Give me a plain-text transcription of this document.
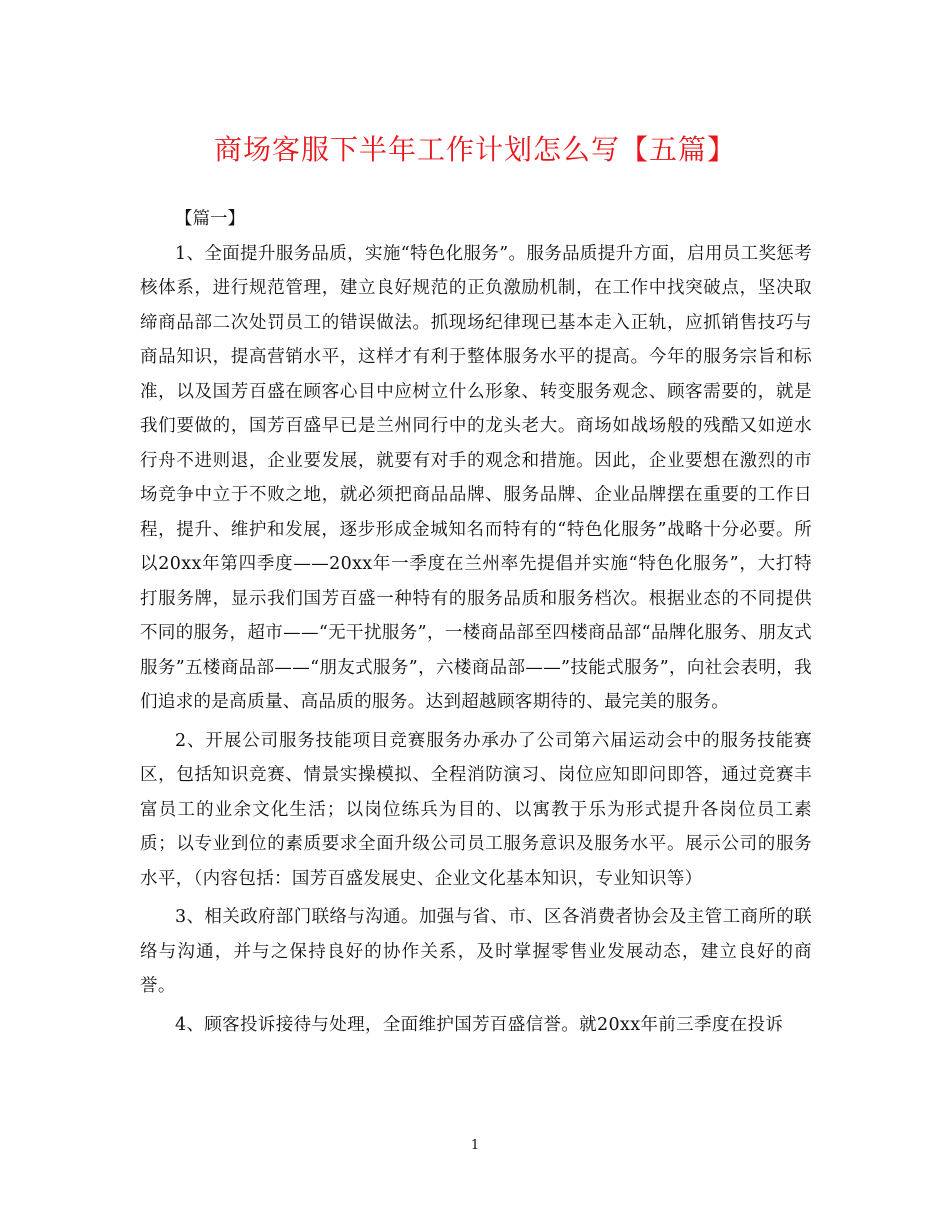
商场客服下半年工作计划怎么写【五篇】

【篇一】

1、全面提升服务品质，实施“特色化服务”。服务品质提升方面，启用员工奖惩考核体系，进行规范管理，建立良好规范的正负激励机制，在工作中找突破点，坚决取缔商品部二次处罚员工的错误做法。抓现场纪律现已基本走入正轨，应抓销售技巧与商品知识，提高营销水平，这样才有利于整体服务水平的提高。今年的服务宗旨和标准，以及国芳百盛在顾客心目中应树立什么形象、转变服务观念、顾客需要的，就是我们要做的，国芳百盛早已是兰州同行中的龙头老大。商场如战场般的残酷又如逆水行舟不进则退，企业要发展，就要有对手的观念和措施。因此，企业要想在激烈的市场竞争中立于不败之地，就必须把商品品牌、服务品牌、企业品牌摆在重要的工作日程，提升、维护和发展，逐步形成金城知名而特有的“特色化服务”战略十分必要。所以20xx年第四季度——20xx年一季度在兰州率先提倡并实施“特色化服务”，大打特打服务牌，显示我们国芳百盛一种特有的服务品质和服务档次。根据业态的不同提供不同的服务，超市——“无干扰服务”，一楼商品部至四楼商品部“品牌化服务、朋友式服务”五楼商品部——“朋友式服务”，六楼商品部——”技能式服务”，向社会表明，我们追求的是高质量、高品质的服务。达到超越顾客期待的、最完美的服务。

2、开展公司服务技能项目竞赛服务办承办了公司第六届运动会中的服务技能赛区，包括知识竞赛、情景实操模拟、全程消防演习、岗位应知即问即答，通过竞赛丰富员工的业余文化生活；以岗位练兵为目的、以寓教于乐为形式提升各岗位员工素质；以专业到位的素质要求全面升级公司员工服务意识及服务水平。展示公司的服务水平，（内容包括：国芳百盛发展史、企业文化基本知识，专业知识等）

3、相关政府部门联络与沟通。加强与省、市、区各消费者协会及主管工商所的联络与沟通，并与之保持良好的协作关系，及时掌握零售业发展动态，建立良好的商誉。

4、顾客投诉接待与处理，全面维护国芳百盛信誉。就20xx年前三季度在投诉

1
